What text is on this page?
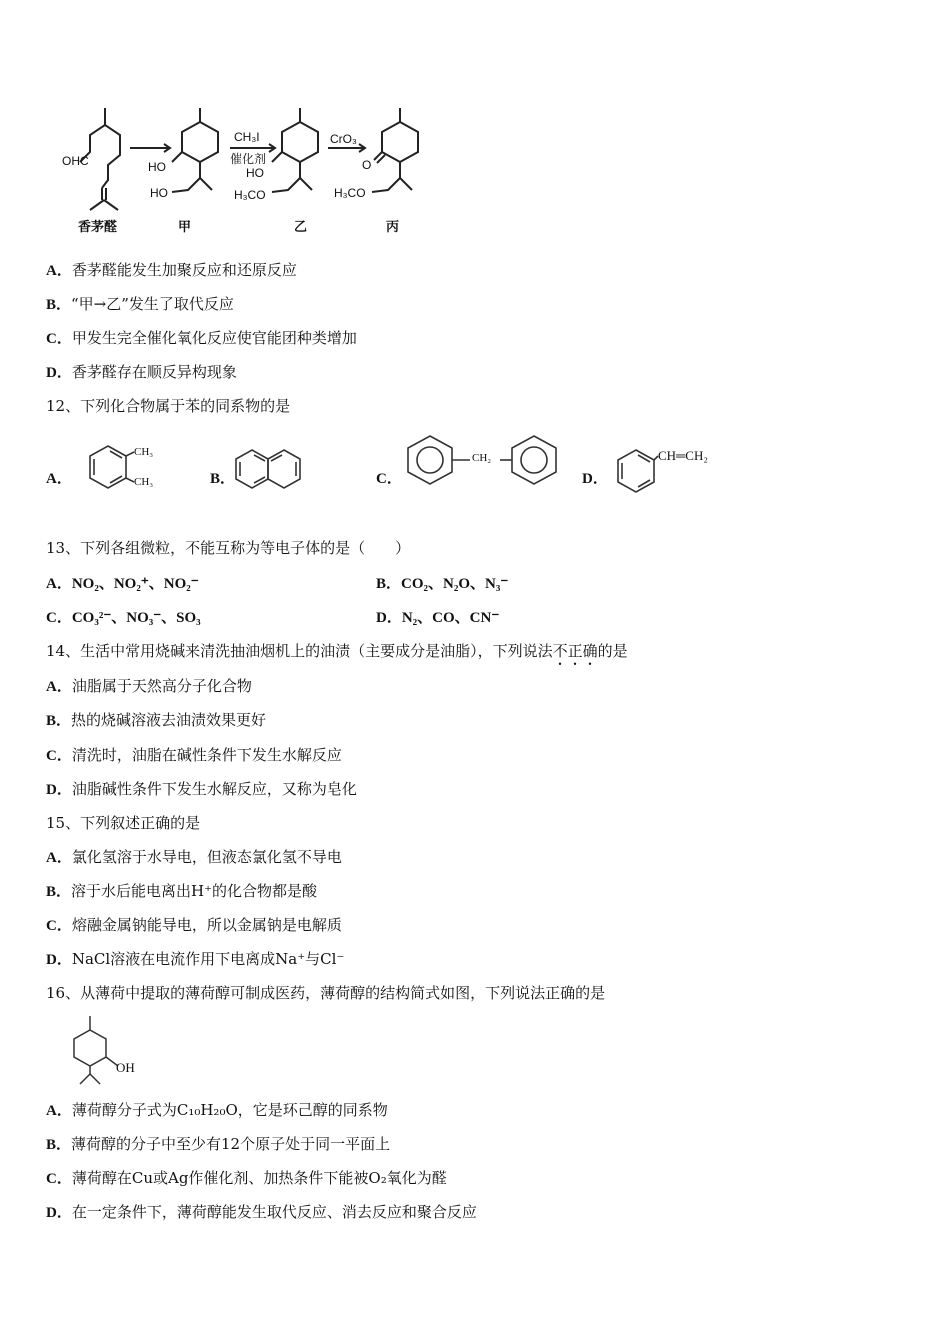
OHC	HO
HO
CH₃I
催化剂
HO
H₃CO
CrO₃
O
H₃CO
香茅醛	甲	乙	丙
A．香茅醛能发生加聚反应和还原反应
B．“甲→乙”发生了取代反应
C．甲发生完全催化氧化反应使官能团种类增加
D．香茅醛存在顺反异构现象
12、下列化合物属于苯的同系物的是
A．
CH₃
CH₃	B．	C．
CH₂
D．
CH═CH₂
13、下列各组微粒，不能互称为等电子体的是（　　）
A．NO₂、NO₂⁺、NO₂⁻	B．CO₂、N₂O、N₃⁻
C．CO₃²⁻、NO₃⁻、SO₃	D．N₂、CO、CN⁻
14、生活中常用烧碱来清洗抽油烟机上的油渍（主要成分是油脂），下列说法不正确的是
A．油脂属于天然高分子化合物
B．热的烧碱溶液去油渍效果更好
C．清洗时，油脂在碱性条件下发生水解反应
D．油脂碱性条件下发生水解反应，又称为皂化
15、下列叙述正确的是
A．氯化氢溶于水导电，但液态氯化氢不导电
B．溶于水后能电离出H⁺的化合物都是酸
C．熔融金属钠能导电，所以金属钠是电解质
D．NaCl溶液在电流作用下电离成Na⁺与Cl⁻
16、从薄荷中提取的薄荷醇可制成医药，薄荷醇的结构简式如图，下列说法正确的是
OH
A．薄荷醇分子式为C₁₀H₂₀O，它是环己醇的同系物
B．薄荷醇的分子中至少有12个原子处于同一平面上
C．薄荷醇在Cu或Ag作催化剂、加热条件下能被O₂氧化为醛
D．在一定条件下，薄荷醇能发生取代反应、消去反应和聚合反应
